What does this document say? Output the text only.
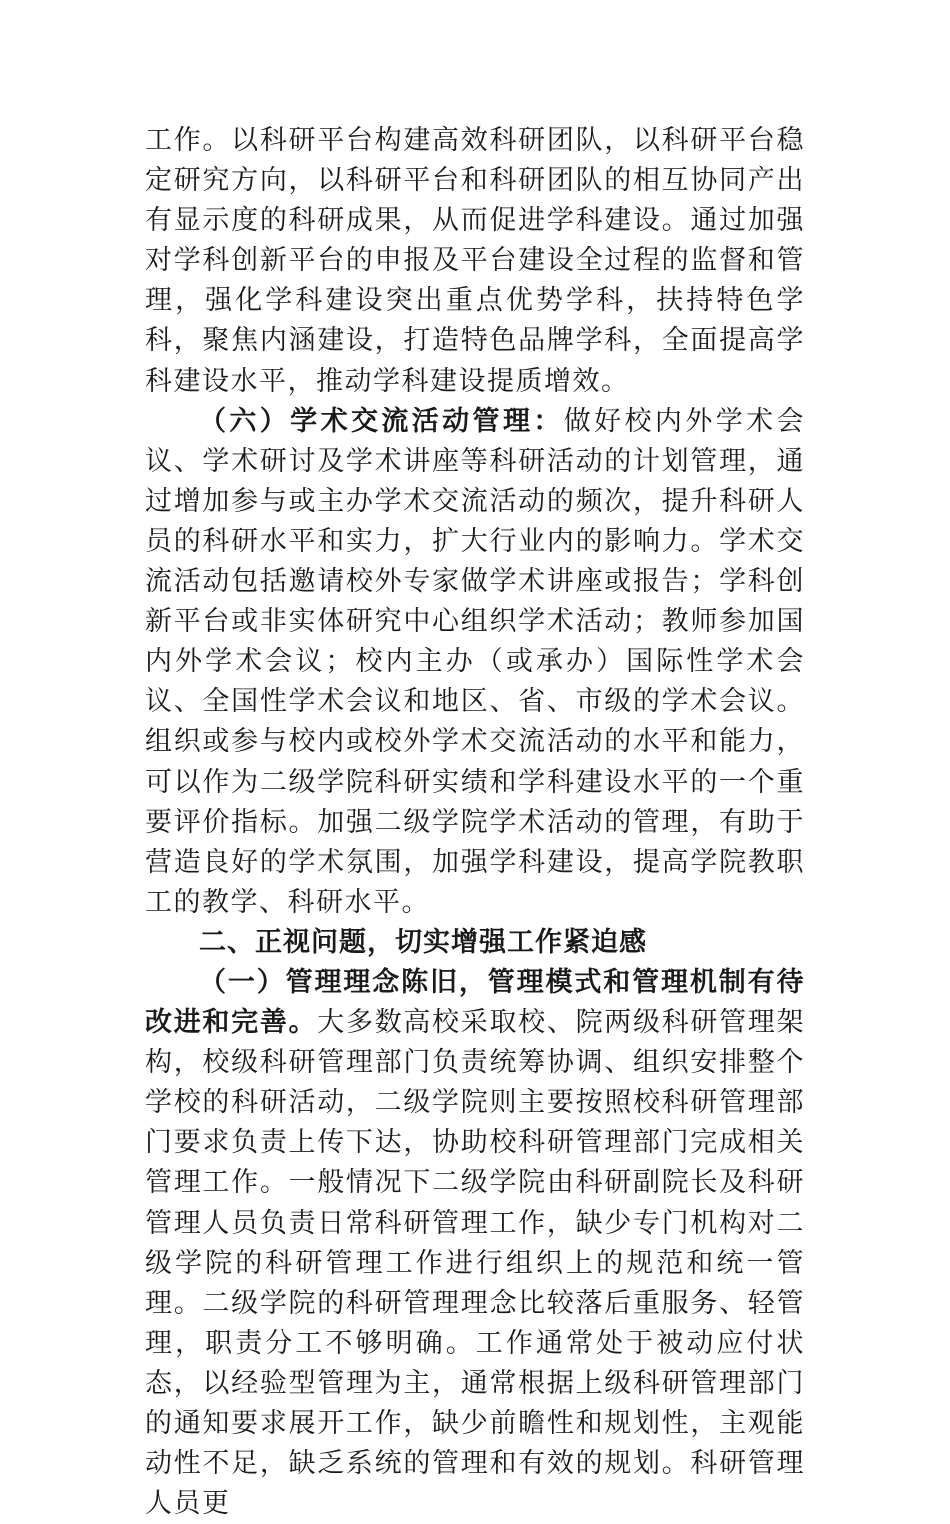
工作。以科研平台构建高效科研团队，以科研平台稳定研究方向，以科研平台和科研团队的相互协同产出有显示度的科研成果，从而促进学科建设。通过加强对学科创新平台的申报及平台建设全过程的监督和管理，强化学科建设突出重点优势学科，扶持特色学科，聚焦内涵建设，打造特色品牌学科，全面提高学科建设水平，推动学科建设提质增效。

（六）学术交流活动管理：做好校内外学术会议、学术研讨及学术讲座等科研活动的计划管理，通过增加参与或主办学术交流活动的频次，提升科研人员的科研水平和实力，扩大行业内的影响力。学术交流活动包括邀请校外专家做学术讲座或报告；学科创新平台或非实体研究中心组织学术活动；教师参加国内外学术会议；校内主办（或承办）国际性学术会议、全国性学术会议和地区、省、市级的学术会议。组织或参与校内或校外学术交流活动的水平和能力，可以作为二级学院科研实绩和学科建设水平的一个重要评价指标。加强二级学院学术活动的管理，有助于营造良好的学术氛围，加强学科建设，提高学院教职工的教学、科研水平。

二、正视问题，切实增强工作紧迫感

（一）管理理念陈旧，管理模式和管理机制有待改进和完善。大多数高校采取校、院两级科研管理架构，校级科研管理部门负责统筹协调、组织安排整个学校的科研活动，二级学院则主要按照校科研管理部门要求负责上传下达，协助校科研管理部门完成相关管理工作。一般情况下二级学院由科研副院长及科研管理人员负责日常科研管理工作，缺少专门机构对二级学院的科研管理工作进行组织上的规范和统一管理。二级学院的科研管理理念比较落后重服务、轻管理，职责分工不够明确。工作通常处于被动应付状态，以经验型管理为主，通常根据上级科研管理部门的通知要求展开工作，缺少前瞻性和规划性，主观能动性不足，缺乏系统的管理和有效的规划。科研管理人员更
